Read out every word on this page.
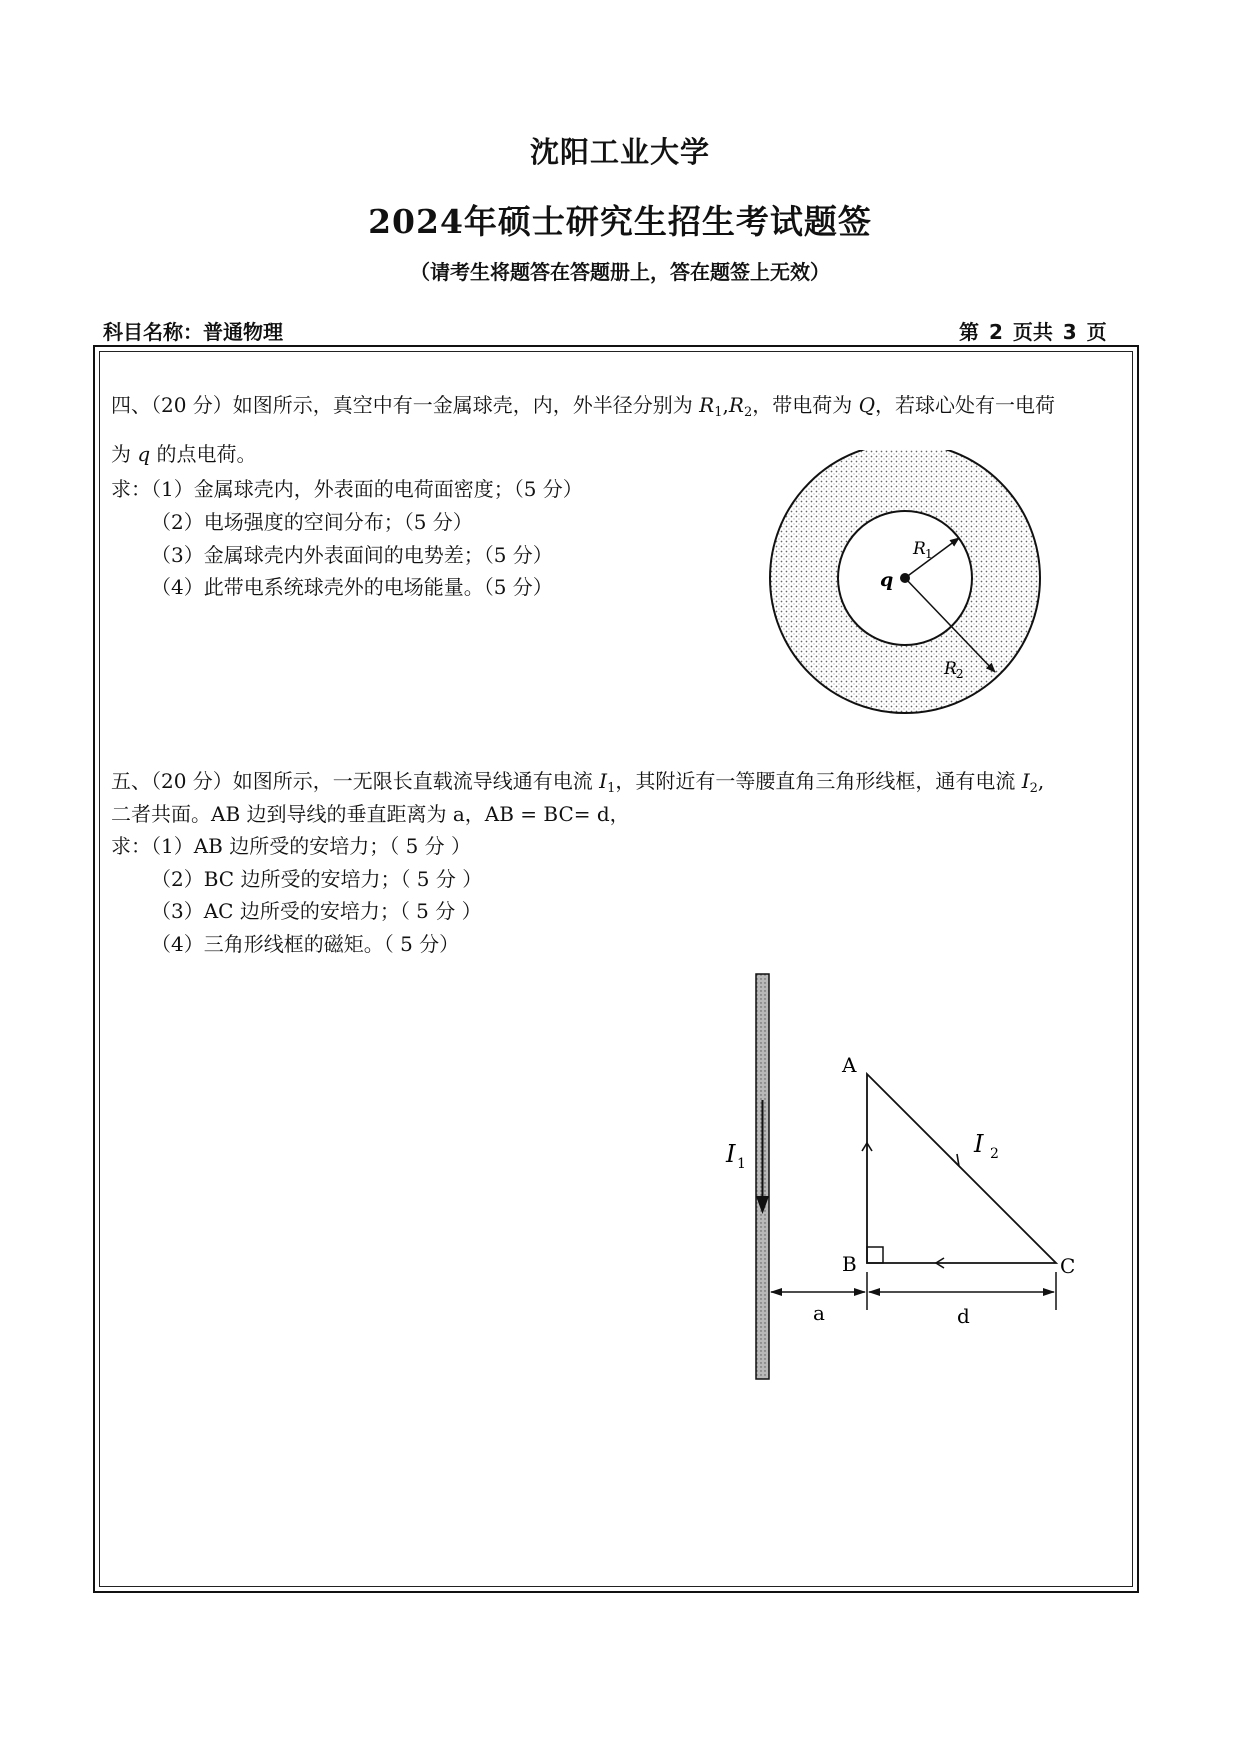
沈阳工业大学
2024年硕士研究生招生考试题签
（请考生将题答在答题册上，答在题签上无效）
科目名称：普通物理	第 2 页共 3 页
四、（20 分）如图所示，真空中有一金属球壳，内，外半径分别为 $R_1,R_2$，带电荷为 Q，若球心处有一电荷
为 q 的点电荷。
求：（1）金属球壳内，外表面的电荷面密度；（5 分）
（2）电场强度的空间分布；（5 分）
（3）金属球壳内外表面间的电势差；（5 分）
（4）此带电系统球壳外的电场能量。（5 分）	q
R 1
R 2
五、（20 分）如图所示，一无限长直载流导线通有电流 $I_1$，其附近有一等腰直角三角形线框，通有电流 $I_2$,
二者共面。AB 边到导线的垂直距离为 a，AB = BC= d，
求：（1）AB 边所受的安培力；（ 5 分 ）
（2）BC 边所受的安培力；（ 5 分 ）
（3）AC 边所受的安培力；（ 5 分 ）
（4）三角形线框的磁矩。（ 5 分）
I 1
A
B	C
I 2
a	d
